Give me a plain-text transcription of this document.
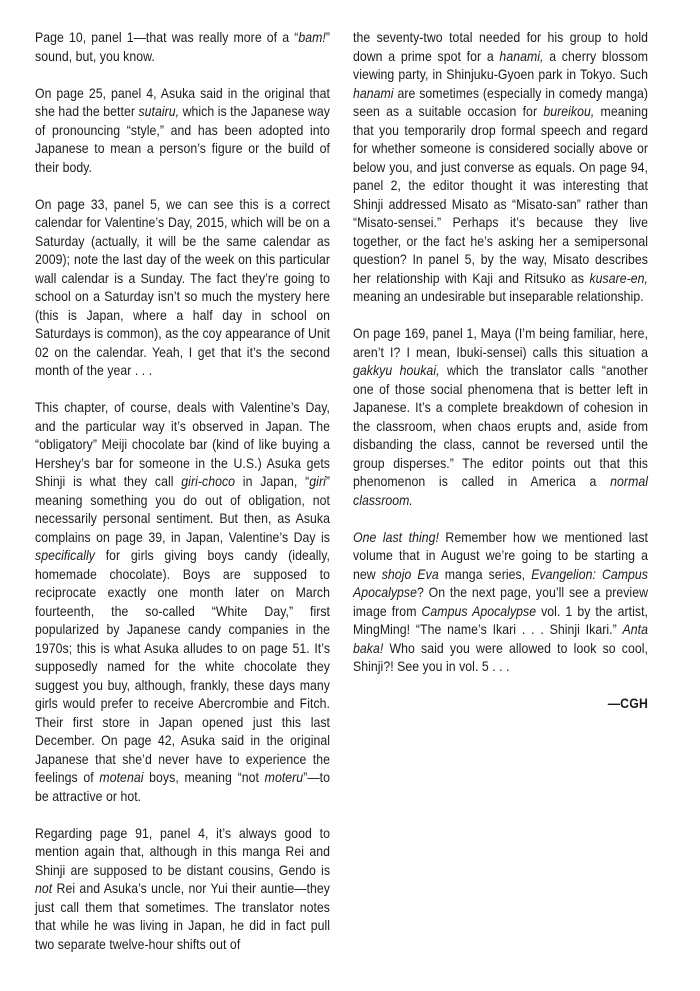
Page 10, panel 1—that was really more of a “bam!” sound, but, you know.

On page 25, panel 4, Asuka said in the original that she had the better sutairu, which is the Japanese way of pronouncing “style,” and has been adopted into Japanese to mean a person’s figure or the build of their body.

On page 33, panel 5, we can see this is a correct calendar for Valentine’s Day, 2015, which will be on a Saturday (actually, it will be the same calendar as 2009); note the last day of the week on this particular wall calendar is a Sunday. The fact they’re going to school on a Saturday isn’t so much the mystery here (this is Japan, where a half day in school on Saturdays is common), as the coy appearance of Unit 02 on the calendar. Yeah, I get that it’s the second month of the year . . .

This chapter, of course, deals with Valentine’s Day, and the particular way it’s observed in Japan. The “obligatory” Meiji chocolate bar (kind of like buying a Hershey’s bar for someone in the U.S.) Asuka gets Shinji is what they call giri-choco in Japan, “giri” meaning something you do out of obligation, not necessarily personal sentiment. But then, as Asuka complains on page 39, in Japan, Valentine’s Day is specifically for girls giving boys candy (ideally, homemade chocolate). Boys are supposed to reciprocate exactly one month later on March fourteenth, the so-called “White Day,” first popularized by Japanese candy companies in the 1970s; this is what Asuka alludes to on page 51. It’s supposedly named for the white chocolate they suggest you buy, although, frankly, these days many girls would prefer to receive Abercrombie and Fitch. Their first store in Japan opened just this last December. On page 42, Asuka said in the original Japanese that she’d never have to experience the feelings of motenai boys, meaning “not moteru”—to be attractive or hot.

Regarding page 91, panel 4, it’s always good to mention again that, although in this manga Rei and Shinji are supposed to be distant cousins, Gendo is not Rei and Asuka’s uncle, nor Yui their auntie—they just call them that sometimes. The translator notes that while he was living in Japan, he did in fact pull two separate twelve-hour shifts out of

the seventy-two total needed for his group to hold down a prime spot for a hanami, a cherry blossom viewing party, in Shinjuku-Gyoen park in Tokyo. Such hanami are sometimes (especially in comedy manga) seen as a suitable occasion for bureikou, meaning that you temporarily drop formal speech and regard for whether someone is considered socially above or below you, and just converse as equals. On page 94, panel 2, the editor thought it was interesting that Shinji addressed Misato as “Misato-san” rather than “Misato-sensei.” Perhaps it’s because they live together, or the fact he’s asking her a semipersonal question? In panel 5, by the way, Misato describes her relationship with Kaji and Ritsuko as kusare-en, meaning an undesirable but inseparable relationship.

On page 169, panel 1, Maya (I’m being familiar, here, aren’t I? I mean, Ibuki-sensei) calls this situation a gakkyu houkai, which the translator calls “another one of those social phenomena that is better left in Japanese. It’s a complete breakdown of cohesion in the classroom, when chaos erupts and, aside from disbanding the class, cannot be reversed until the group disperses.” The editor points out that this phenomenon is called in America a normal classroom.

One last thing! Remember how we mentioned last volume that in August we’re going to be starting a new shojo Eva manga series, Evangelion: Campus Apocalypse? On the next page, you’ll see a preview image from Campus Apocalypse vol. 1 by the artist, MingMing! “The name’s Ikari . . . Shinji Ikari.” Anta baka! Who said you were allowed to look so cool, Shinji?! See you in vol. 5 . . .

—CGH
